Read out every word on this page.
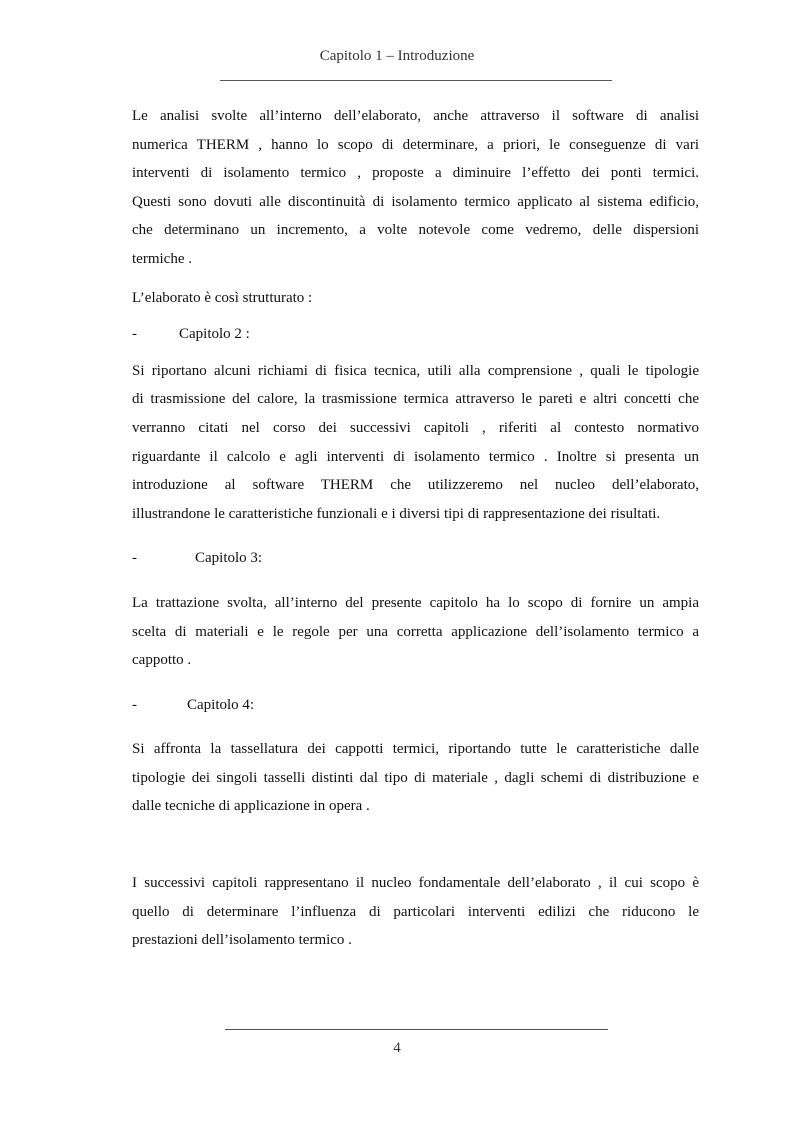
Capitolo 1 – Introduzione

Le analisi svolte all’interno dell’elaborato, anche attraverso il software di analisi
numerica THERM , hanno lo scopo di determinare, a priori, le conseguenze di vari
interventi di isolamento termico , proposte a diminuire l’effetto dei ponti termici.
Questi sono dovuti alle discontinuità di isolamento termico applicato al sistema edificio,
che determinano un incremento, a volte notevole come vedremo, delle dispersioni
termiche .

L’elaborato è così strutturato :

-	Capitolo 2 :

Si riportano alcuni richiami di fisica tecnica, utili alla comprensione , quali le tipologie
di trasmissione del calore, la trasmissione termica attraverso le pareti e altri concetti che
verranno citati nel corso dei successivi capitoli , riferiti al contesto normativo
riguardante il calcolo e agli interventi di isolamento termico . Inoltre si presenta un
introduzione al software THERM che utilizzeremo nel nucleo dell’elaborato,
illustrandone le caratteristiche funzionali e i diversi tipi di rappresentazione dei risultati.

-	Capitolo 3:

La trattazione svolta, all’interno del presente capitolo ha lo scopo di fornire un ampia
scelta di materiali e le regole per una corretta applicazione dell’isolamento termico a
cappotto .

-	Capitolo 4:

Si affronta la tassellatura dei cappotti termici, riportando tutte le caratteristiche dalle
tipologie dei singoli tasselli distinti dal tipo di materiale , dagli schemi di distribuzione e
dalle tecniche di applicazione in opera .

I successivi capitoli rappresentano il nucleo fondamentale dell’elaborato , il cui scopo è
quello di determinare l’influenza di particolari interventi edilizi che riducono le
prestazioni dell’isolamento termico .

4
